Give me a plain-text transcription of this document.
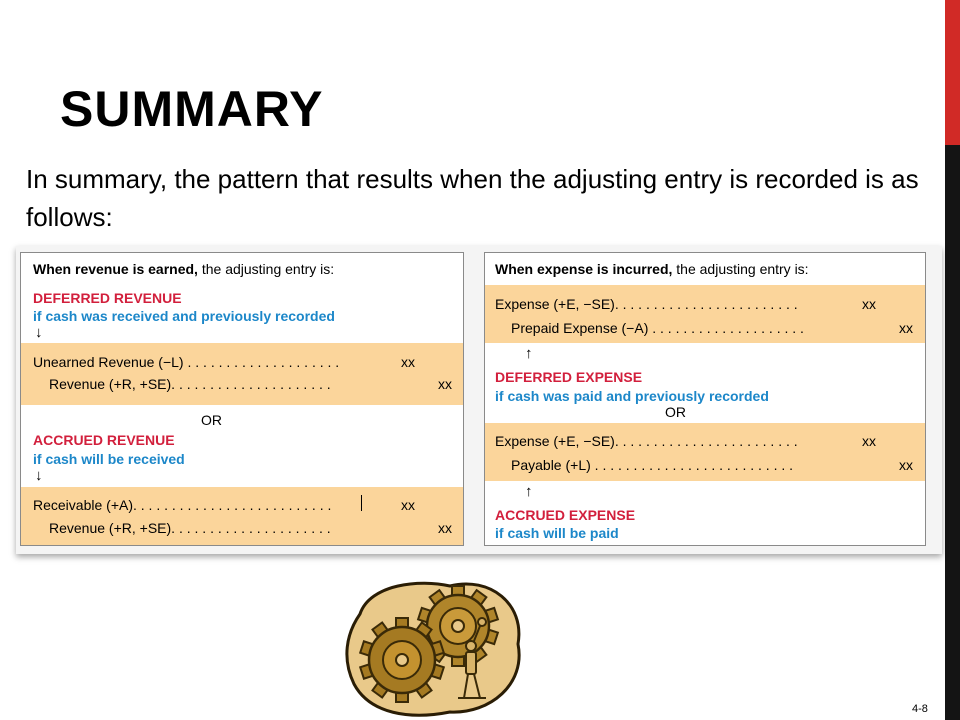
SUMMARY

In summary, the pattern that results when the adjusting entry is recorded is as follows:

When revenue is earned, the adjusting entry is:
DEFERRED REVENUE
if cash was received and previously recorded
↓
Unearned Revenue (−L) . . . . . . . . . . . . . . . . . . . .	xx
Revenue (+R, +SE). . . . . . . . . . . . . . . . . . . . .	xx
OR
ACCRUED REVENUE
if cash will be received
↓
Receivable (+A). . . . . . . . . . . . . . . . . . . . . . . . . .	xx
Revenue (+R, +SE). . . . . . . . . . . . . . . . . . . . .	xx
When expense is incurred, the adjusting entry is:
Expense (+E, −SE). . . . . . . . . . . . . . . . . . . . . . . .	xx
Prepaid Expense (−A) . . . . . . . . . . . . . . . . . . . .	xx
↑
DEFERRED EXPENSE
if cash was paid and previously recorded
OR
Expense (+E, −SE). . . . . . . . . . . . . . . . . . . . . . . .	xx
Payable (+L) . . . . . . . . . . . . . . . . . . . . . . . . . .	xx
↑
ACCRUED EXPENSE
if cash will be paid
4-8
